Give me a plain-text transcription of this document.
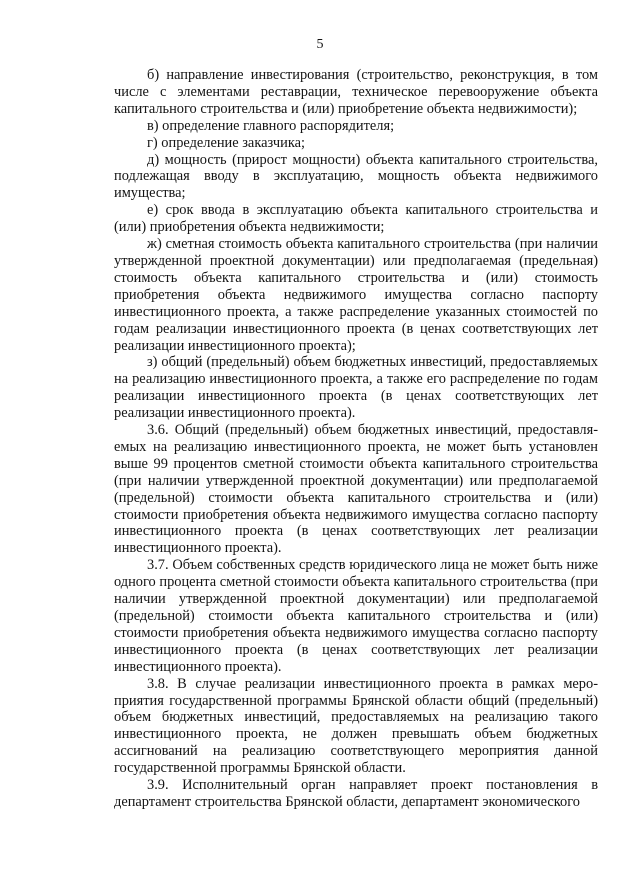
5

б) направление инвестирования (строительство, реконструкция, в том числе с элементами реставрации, техническое перевооружение объекта капитального строительства и (или) приобретение объекта недвижимости);

в) определение главного распорядителя;

г) определение заказчика;

д) мощность (прирост мощности) объекта капитального строительства, подлежащая вводу в эксплуатацию, мощность объекта недвижимого имущества;

е) срок ввода в эксплуатацию объекта капитального строительства и (или) приобретения объекта недвижимости;

ж) сметная стоимость объекта капитального строительства (при наличии утвержденной проектной документации) или предполагаемая (предельная) стоимость объекта капитального строительства и (или) стоимость приобретения объекта недвижимого имущества согласно паспорту инвестиционного проекта, а также распределение указанных стоимостей по годам реализации инвестиционного проекта (в ценах соответствующих лет реализации инвестиционного проекта);

з) общий (предельный) объем бюджетных инвестиций, предоставляемых на реализацию инвестиционного проекта, а также его распределение по годам реализации инвестиционного проекта (в ценах соответствующих лет реализации инвестиционного проекта).

3.6. Общий (предельный) объем бюджетных инвестиций, предоставляемых на реализацию инвестиционного проекта, не может быть установлен выше 99 процентов сметной стоимости объекта капитального строительства (при наличии утвержденной проектной документации) или предполагаемой (предельной) стоимости объекта капитального строительства и (или) стоимости приобретения объекта недвижимого имущества согласно паспорту инвестиционного проекта (в ценах соответствующих лет реализации инвестиционного проекта).

3.7. Объем собственных средств юридического лица не может быть ниже одного процента сметной стоимости объекта капитального строительства (при наличии утвержденной проектной документации) или предполагаемой (предельной) стоимости объекта капитального строительства и (или) стоимости приобретения объекта недвижимого имущества согласно паспорту инвестиционного проекта (в ценах соответствующих лет реализации инвестиционного проекта).

3.8. В случае реализации инвестиционного проекта в рамках мероприятия государственной программы Брянской области общий (предельный) объем бюджетных инвестиций, предоставляемых на реализацию такого инвестиционного проекта, не должен превышать объем бюджетных ассигнований на реализацию соответствующего мероприятия данной государственной программы Брянской области.

3.9. Исполнительный орган направляет проект постановления в департамент строительства Брянской области, департамент экономического
